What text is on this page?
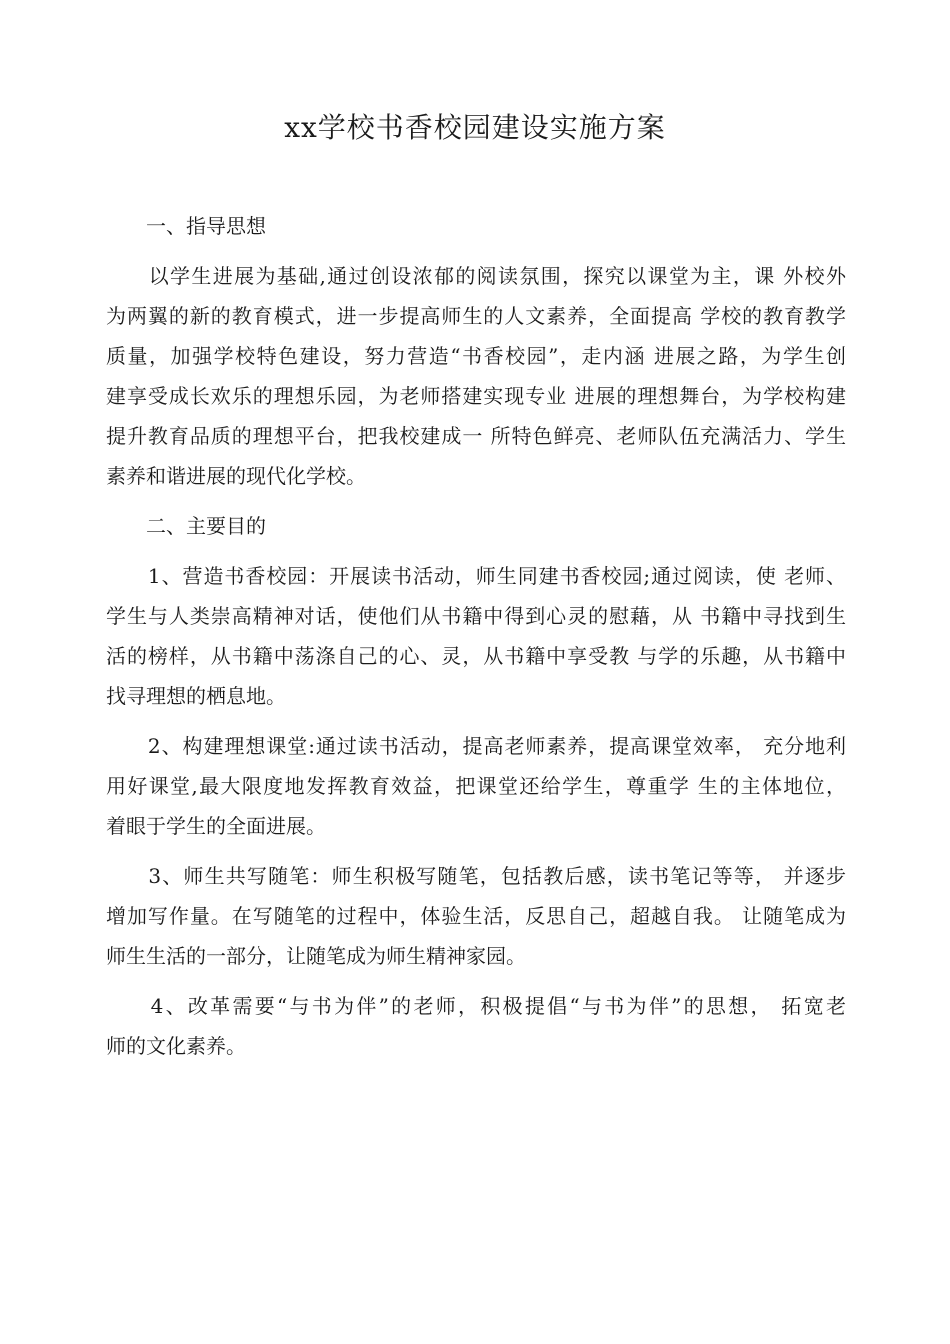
xx学校书香校园建设实施方案
　　一、指导思想
　　以学生进展为基础,通过创设浓郁的阅读氛围，探究以课堂为主，课 外校外
为两翼的新的教育模式，进一步提高师生的人文素养，全面提高 学校的教育教学
质量，加强学校特色建设，努力营造“书香校园”，走内涵 进展之路，为学生创
建享受成长欢乐的理想乐园，为老师搭建实现专业 进展的理想舞台，为学校构建
提升教育品质的理想平台，把我校建成一 所特色鲜亮、老师队伍充满活力、学生
素养和谐进展的现代化学校。
　　二、主要目的
　　1、营造书香校园：开展读书活动，师生同建书香校园;通过阅读，使 老师、
学生与人类崇高精神对话，使他们从书籍中得到心灵的慰藉，从 书籍中寻找到生
活的榜样，从书籍中荡涤自己的心、灵，从书籍中享受教 与学的乐趣，从书籍中
找寻理想的栖息地。
　　2、构建理想课堂:通过读书活动，提高老师素养，提高课堂效率， 充分地利
用好课堂,最大限度地发挥教育效益，把课堂还给学生，尊重学 生的主体地位，
着眼于学生的全面进展。
　　3、师生共写随笔：师生积极写随笔，包括教后感，读书笔记等等， 并逐步
增加写作量。在写随笔的过程中，体验生活，反思自己，超越自我。 让随笔成为
师生生活的一部分，让随笔成为师生精神家园。
　　4、改革需要“与书为伴”的老师，积极提倡“与书为伴”的思想， 拓宽老
师的文化素养。
